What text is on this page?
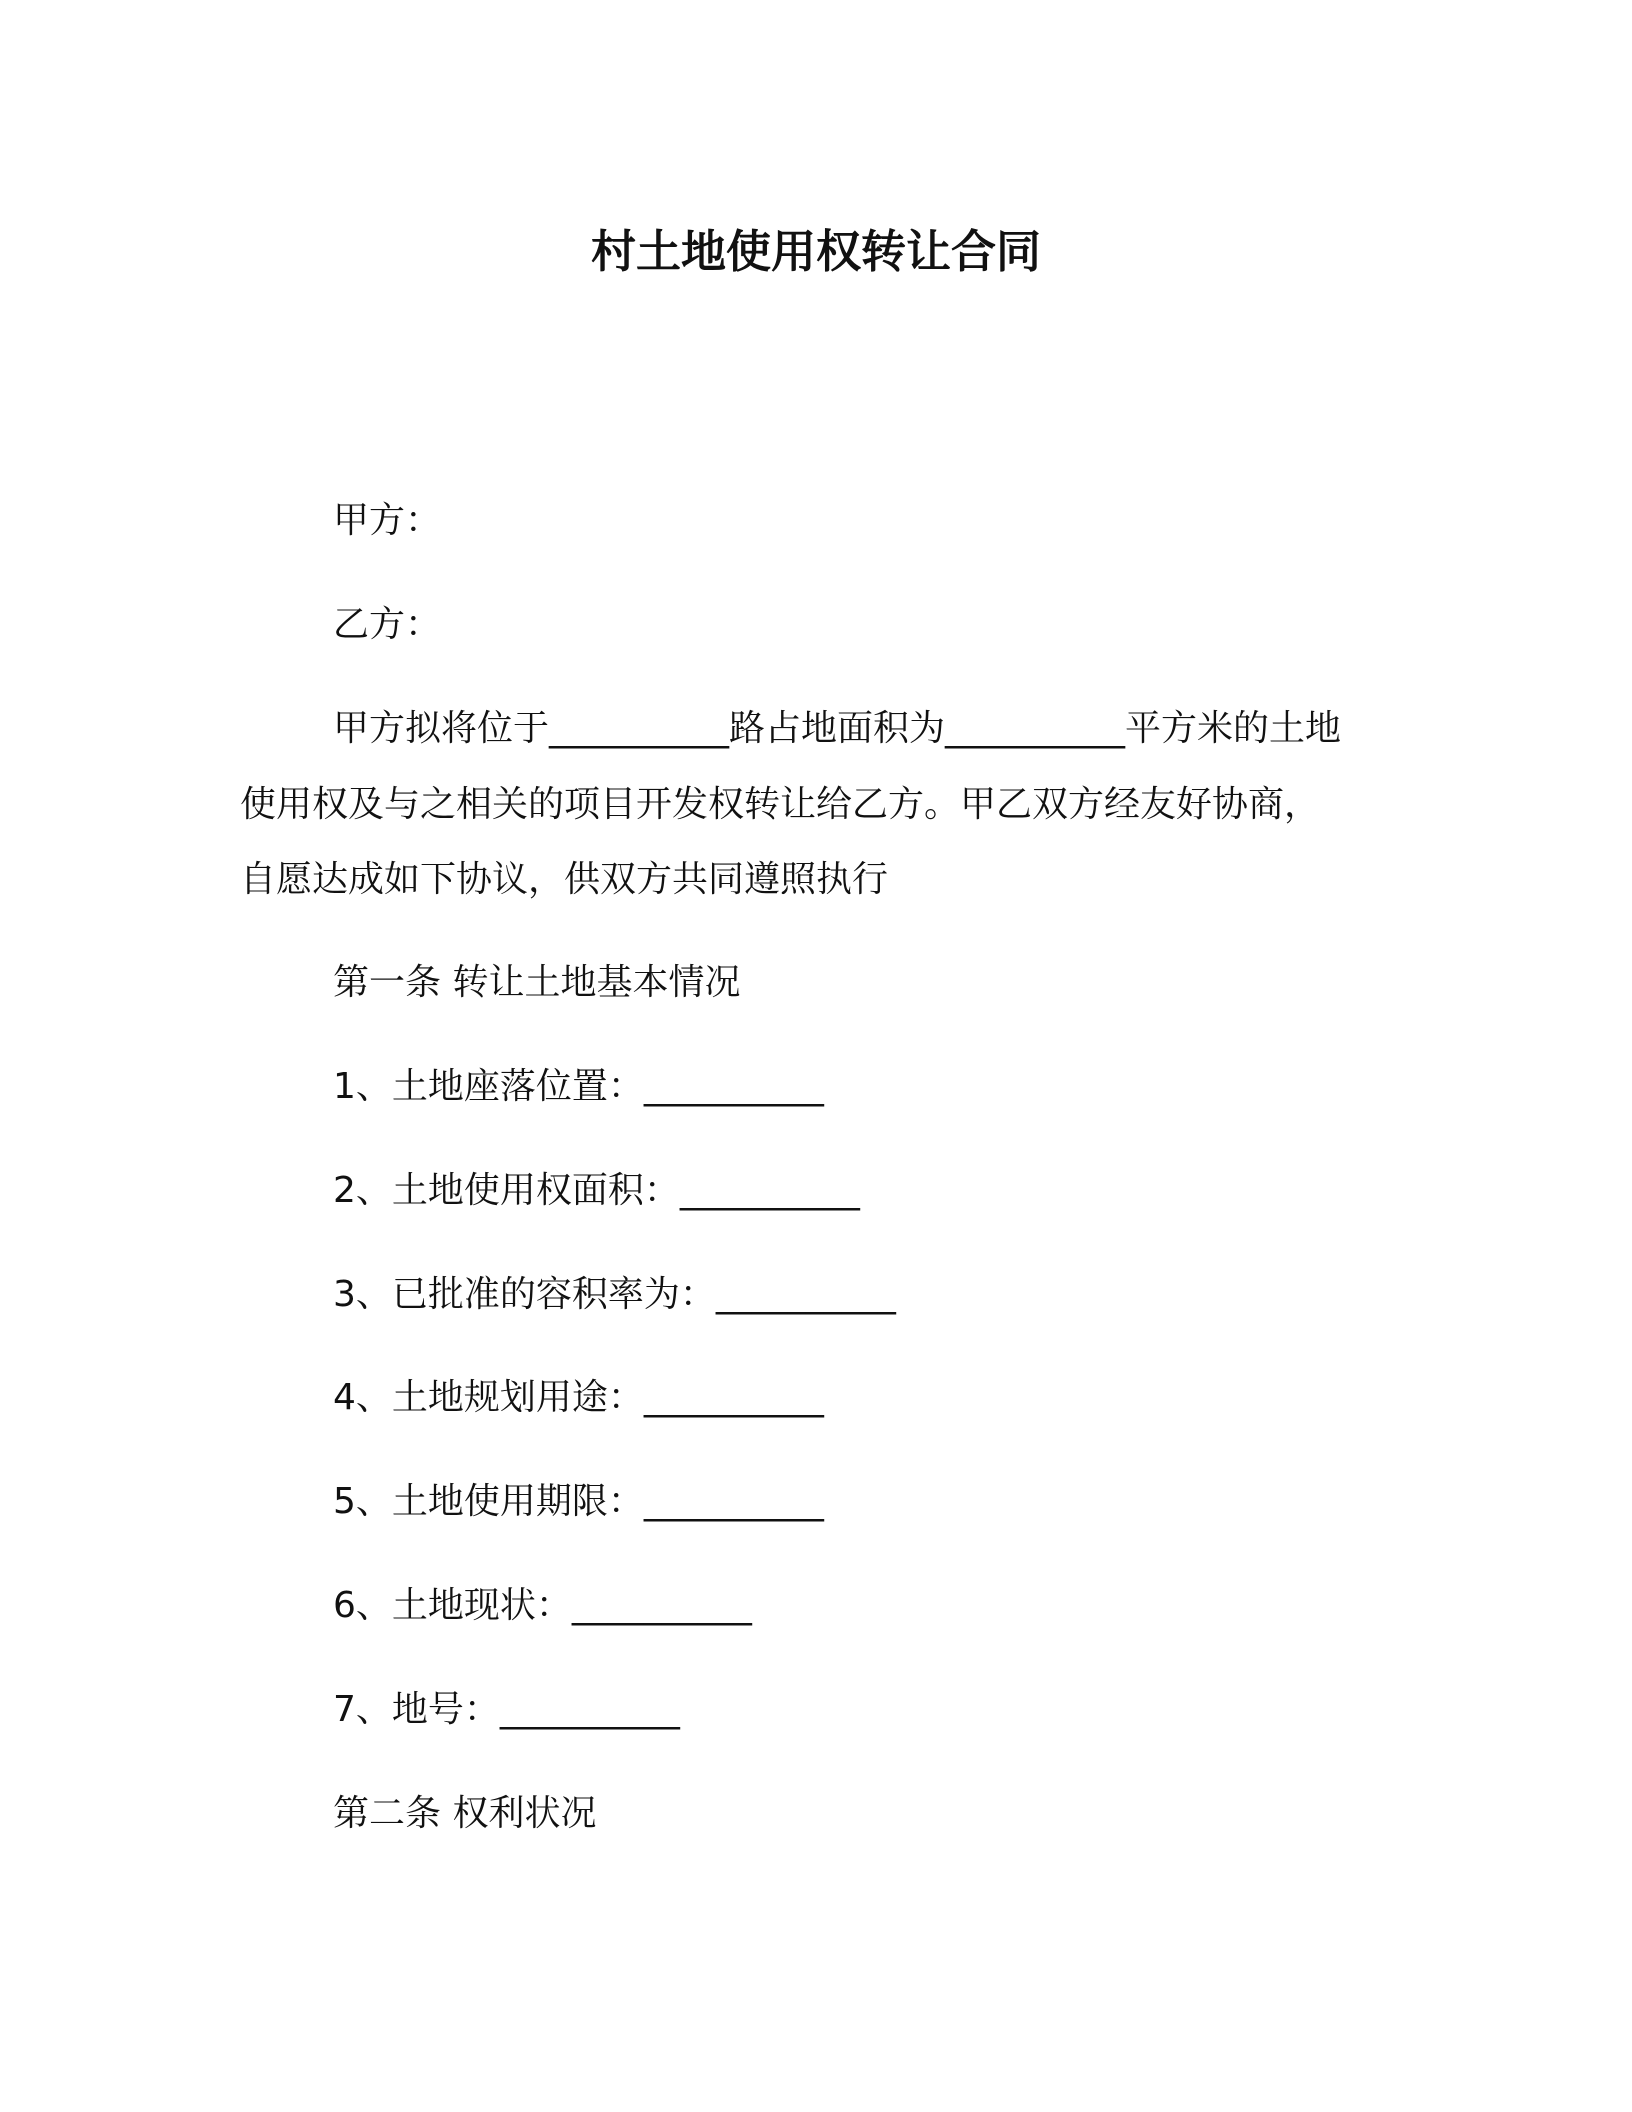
村土地使用权转让合同
甲方：
乙方：
甲方拟将位于__________路占地面积为__________平方米的土地
使用权及与之相关的项目开发权转让给乙方。甲乙双方经友好协商，
自愿达成如下协议，供双方共同遵照执行
第一条 转让土地基本情况
1、土地座落位置：__________
2、土地使用权面积：__________
3、已批准的容积率为：__________
4、土地规划用途：__________
5、土地使用期限：__________
6、土地现状：__________
7、地号：__________
第二条 权利状况
